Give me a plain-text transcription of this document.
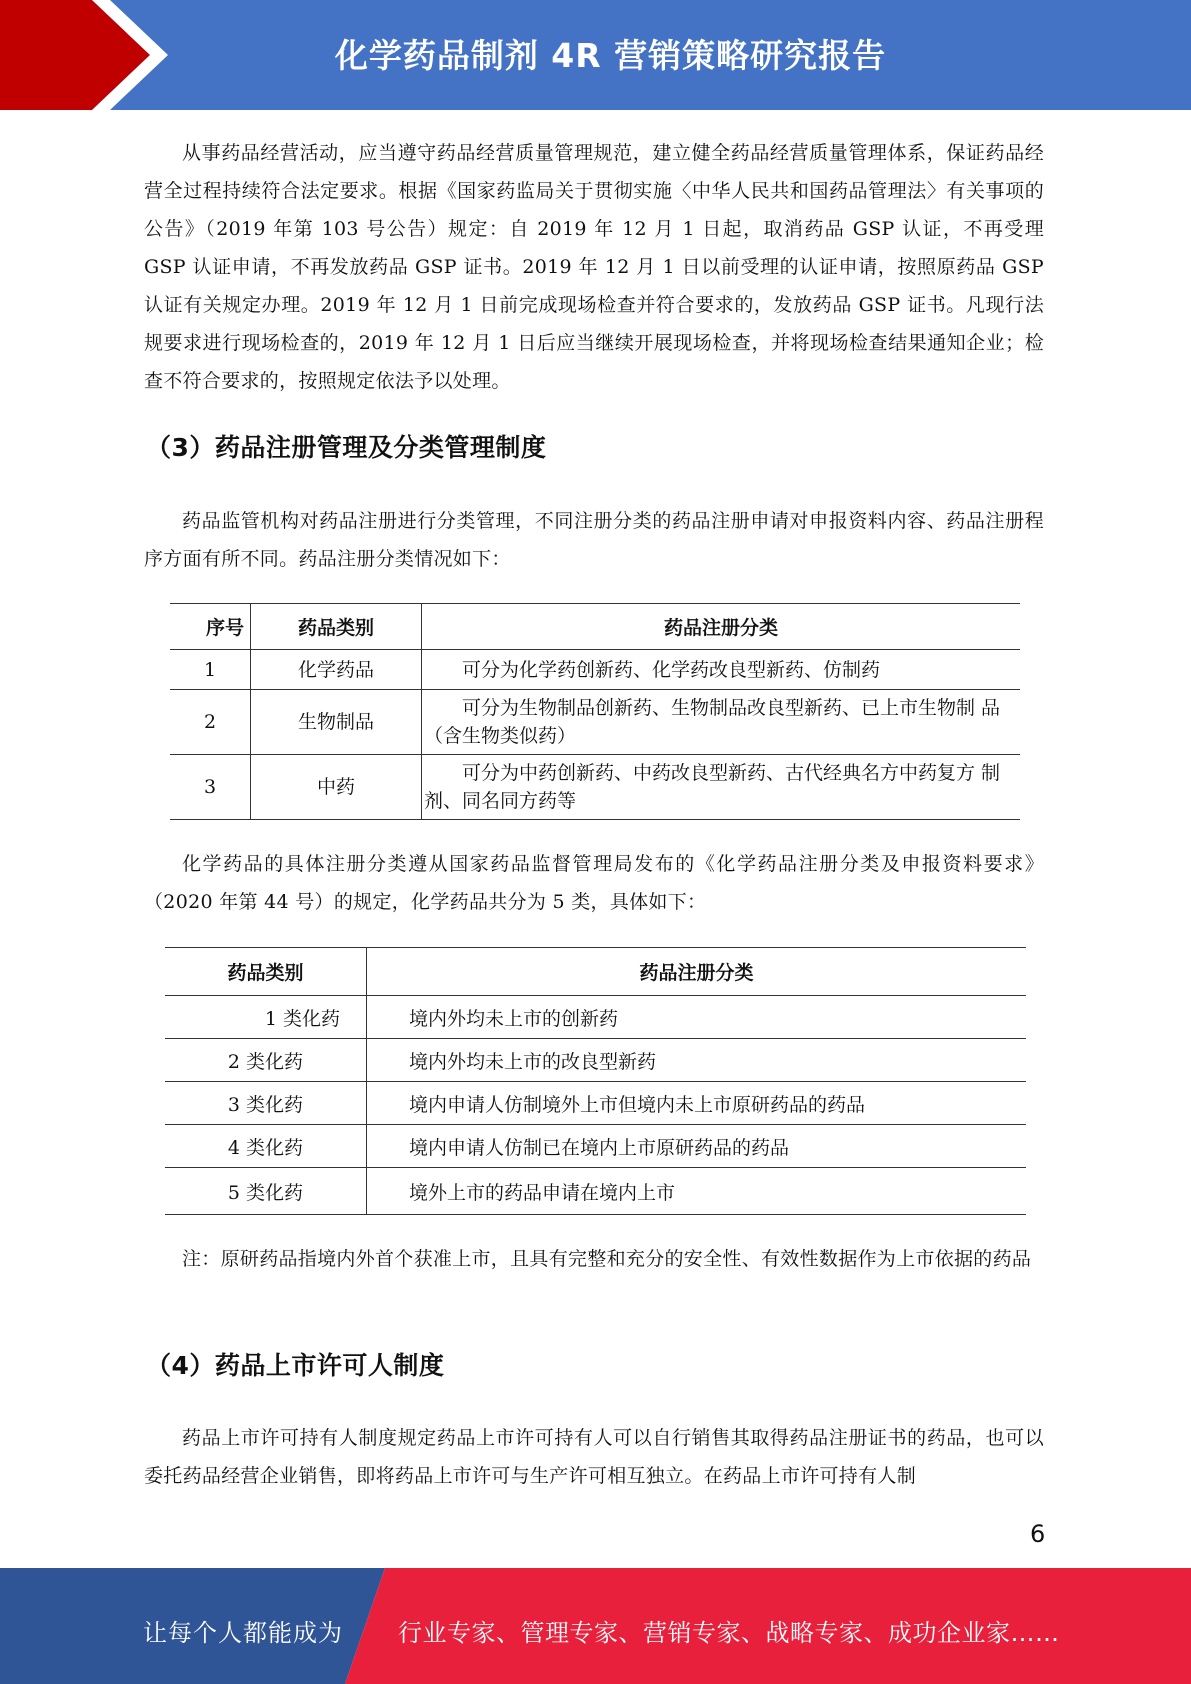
化学药品制剂 4R 营销策略研究报告

从事药品经营活动，应当遵守药品经营质量管理规范，建立健全药品经营质量管理体系，保证药品经营全过程持续符合法定要求。根据《国家药监局关于贯彻实施〈中华人民共和国药品管理法〉有关事项的公告》（2019 年第 103 号公告）规定：自 2019 年 12 月 1 日起，取消药品 GSP 认证，不再受理 GSP 认证申请，不再发放药品 GSP 证书。2019 年 12 月 1 日以前受理的认证申请，按照原药品 GSP 认证有关规定办理。2019 年 12 月 1 日前完成现场检查并符合要求的，发放药品 GSP 证书。凡现行法规要求进行现场检查的，2019 年 12 月 1 日后应当继续开展现场检查，并将现场检查结果通知企业；检查不符合要求的，按照规定依法予以处理。

（3）药品注册管理及分类管理制度

药品监管机构对药品注册进行分类管理，不同注册分类的药品注册申请对申报资料内容、药品注册程序方面有所不同。药品注册分类情况如下：

序号	药品类别	药品注册分类
1	化学药品	可分为化学药创新药、化学药改良型新药、仿制药
2	生物制品	可分为生物制品创新药、生物制品改良型新药、已上市生物制 品（含生物类似药）
3	中药	可分为中药创新药、中药改良型新药、古代经典名方中药复方 制剂、同名同方药等

化学药品的具体注册分类遵从国家药品监督管理局发布的《化学药品注册分类及申报资料要求》（2020 年第 44 号）的规定，化学药品共分为 5 类，具体如下：

药品类别	药品注册分类
1 类化药	境内外均未上市的创新药
2 类化药	境内外均未上市的改良型新药
3 类化药	境内申请人仿制境外上市但境内未上市原研药品的药品
4 类化药	境内申请人仿制已在境内上市原研药品的药品
5 类化药	境外上市的药品申请在境内上市

注：原研药品指境内外首个获准上市，且具有完整和充分的安全性、有效性数据作为上市依据的药品

（4）药品上市许可人制度

药品上市许可持有人制度规定药品上市许可持有人可以自行销售其取得药品注册证书的药品，也可以委托药品经营企业销售，即将药品上市许可与生产许可相互独立。在药品上市许可持有人制

6
让每个人都能成为 行业专家、管理专家、营销专家、战略专家、成功企业家……
